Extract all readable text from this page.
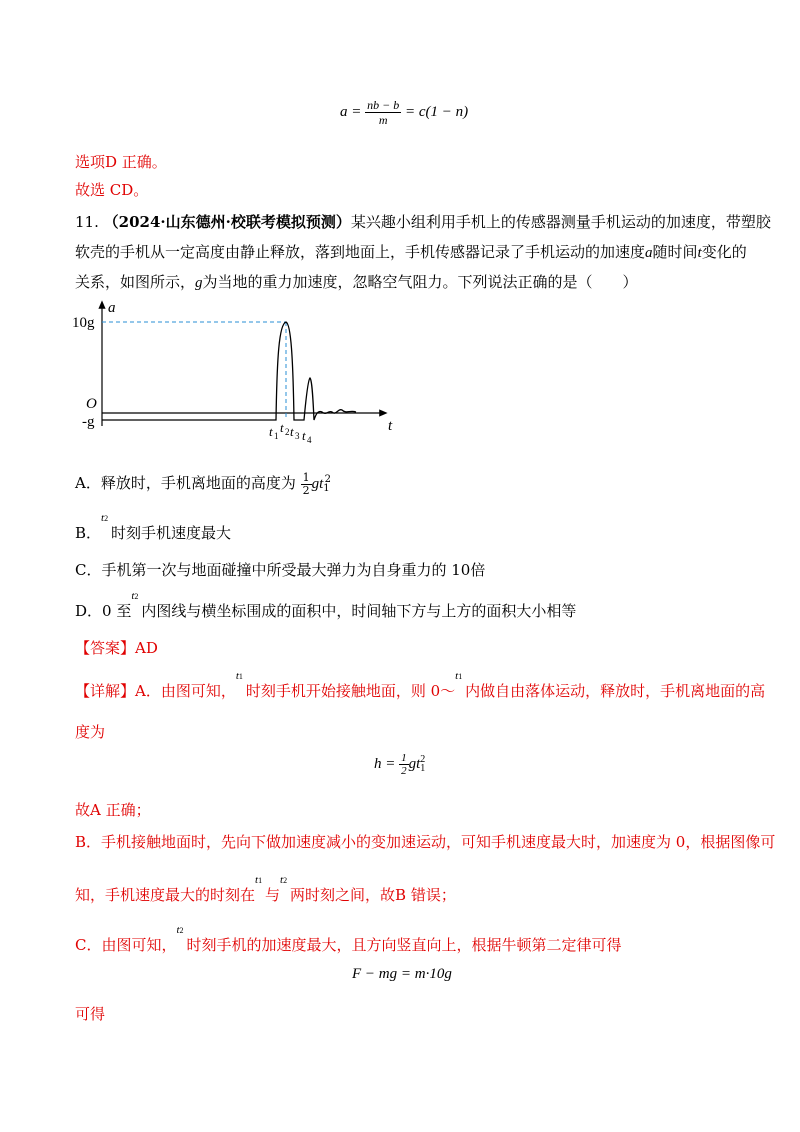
$a = \frac{nb - b}{m} = c(1 - n)$
选项D 正确。
故选 CD。
11. （2024·山东德州·校联考模拟预测）某兴趣小组利用手机上的传感器测量手机运动的加速度，带塑胶
软壳的手机从一定高度由静止释放，落到地面上，手机传感器记录了手机运动的加速度a随时间t变化的
关系，如图所示，g为当地的重力加速度，忽略空气阻力。下列说法正确的是（　　）
a
t
10g
O
-g
t 1
t 2 t 3 t 4
A．释放时，手机离地面的高度为 $\frac{1}{2} gt_1^2$
B．
t2
时刻手机速度最大
C．手机第一次与地面碰撞中所受最大弹力为自身重力的 10倍
D．0 至
t2
内图线与横坐标围成的面积中，时间轴下方与上方的面积大小相等
【答案】AD
【详解】A．由图可知，
t1
时刻手机开始接触地面，则 0～
t1
内做自由落体运动，释放时，手机离地面的高
度为
$h = \frac{1}{2} gt_1^2$
故A 正确；
B．手机接触地面时，先向下做加速度减小的变加速运动，可知手机速度最大时，加速度为 0，根据图像可
知，手机速度最大的时刻在
t1
与
t2
两时刻之间，故B 错误；
C．由图可知，
t2
时刻手机的加速度最大，且方向竖直向上，根据牛顿第二定律可得
F − mg = m·10g
可得
